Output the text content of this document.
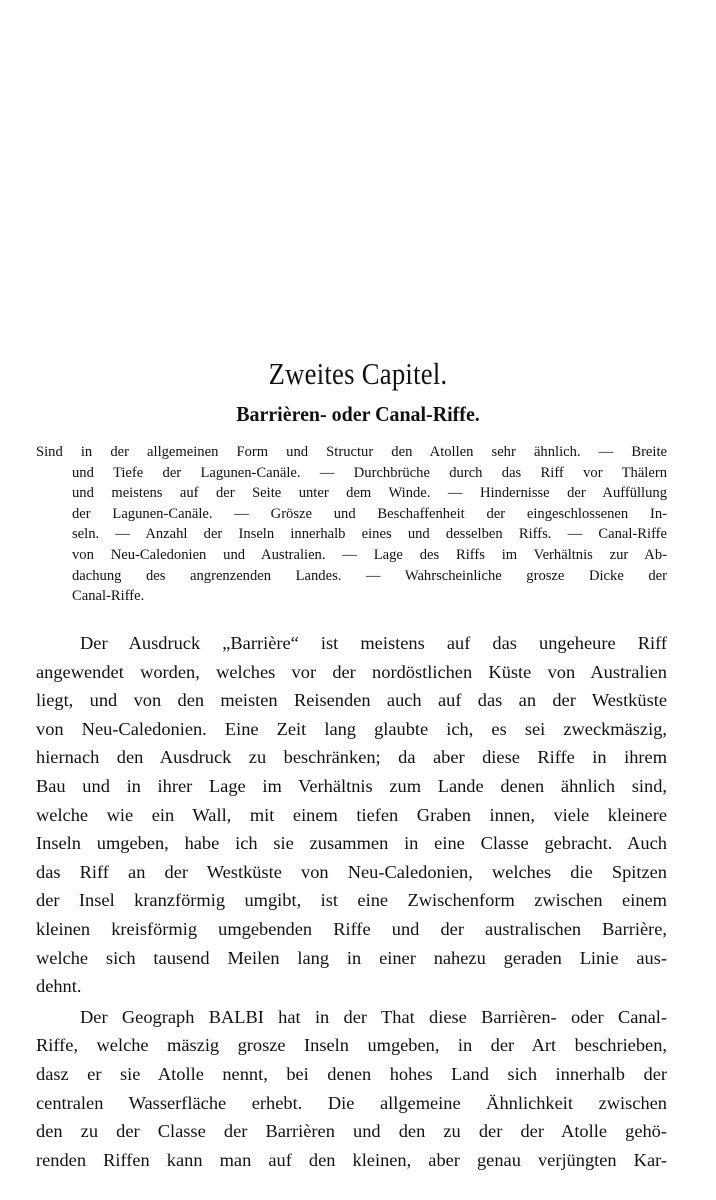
Zweites Capitel.
Barrièren- oder Canal-Riffe.
Sind in der allgemeinen Form und Structur den Atollen sehr ähnlich. — Breite
und Tiefe der Lagunen-Canäle. — Durchbrüche durch das Riff vor Thälern
und meistens auf der Seite unter dem Winde. — Hindernisse der Auffüllung
der Lagunen-Canäle. — Grösze und Beschaffenheit der eingeschlossenen In-
seln. — Anzahl der Inseln innerhalb eines und desselben Riffs. — Canal-Riffe
von Neu-Caledonien und Australien. — Lage des Riffs im Verhältnis zur Ab-
dachung des angrenzenden Landes. — Wahrscheinliche grosze Dicke der
Canal-Riffe.
Der Ausdruck „Barrière“ ist meistens auf das ungeheure Riff
angewendet worden, welches vor der nordöstlichen Küste von Australien
liegt, und von den meisten Reisenden auch auf das an der Westküste
von Neu-Caledonien. Eine Zeit lang glaubte ich, es sei zweckmäszig,
hiernach den Ausdruck zu beschränken; da aber diese Riffe in ihrem
Bau und in ihrer Lage im Verhältnis zum Lande denen ähnlich sind,
welche wie ein Wall, mit einem tiefen Graben innen, viele kleinere
Inseln umgeben, habe ich sie zusammen in eine Classe gebracht. Auch
das Riff an der Westküste von Neu-Caledonien, welches die Spitzen
der Insel kranzförmig umgibt, ist eine Zwischenform zwischen einem
kleinen kreisförmig umgebenden Riffe und der australischen Barrière,
welche sich tausend Meilen lang in einer nahezu geraden Linie aus-
dehnt.
Der Geograph BALBI hat in der That diese Barrièren- oder Canal-
Riffe, welche mäszig grosze Inseln umgeben, in der Art beschrieben,
dasz er sie Atolle nennt, bei denen hohes Land sich innerhalb der
centralen Wasserfläche erhebt. Die allgemeine Ähnlichkeit zwischen
den zu der Classe der Barrièren und den zu der der Atolle gehö-
renden Riffen kann man auf den kleinen, aber genau verjüngten Kar-
